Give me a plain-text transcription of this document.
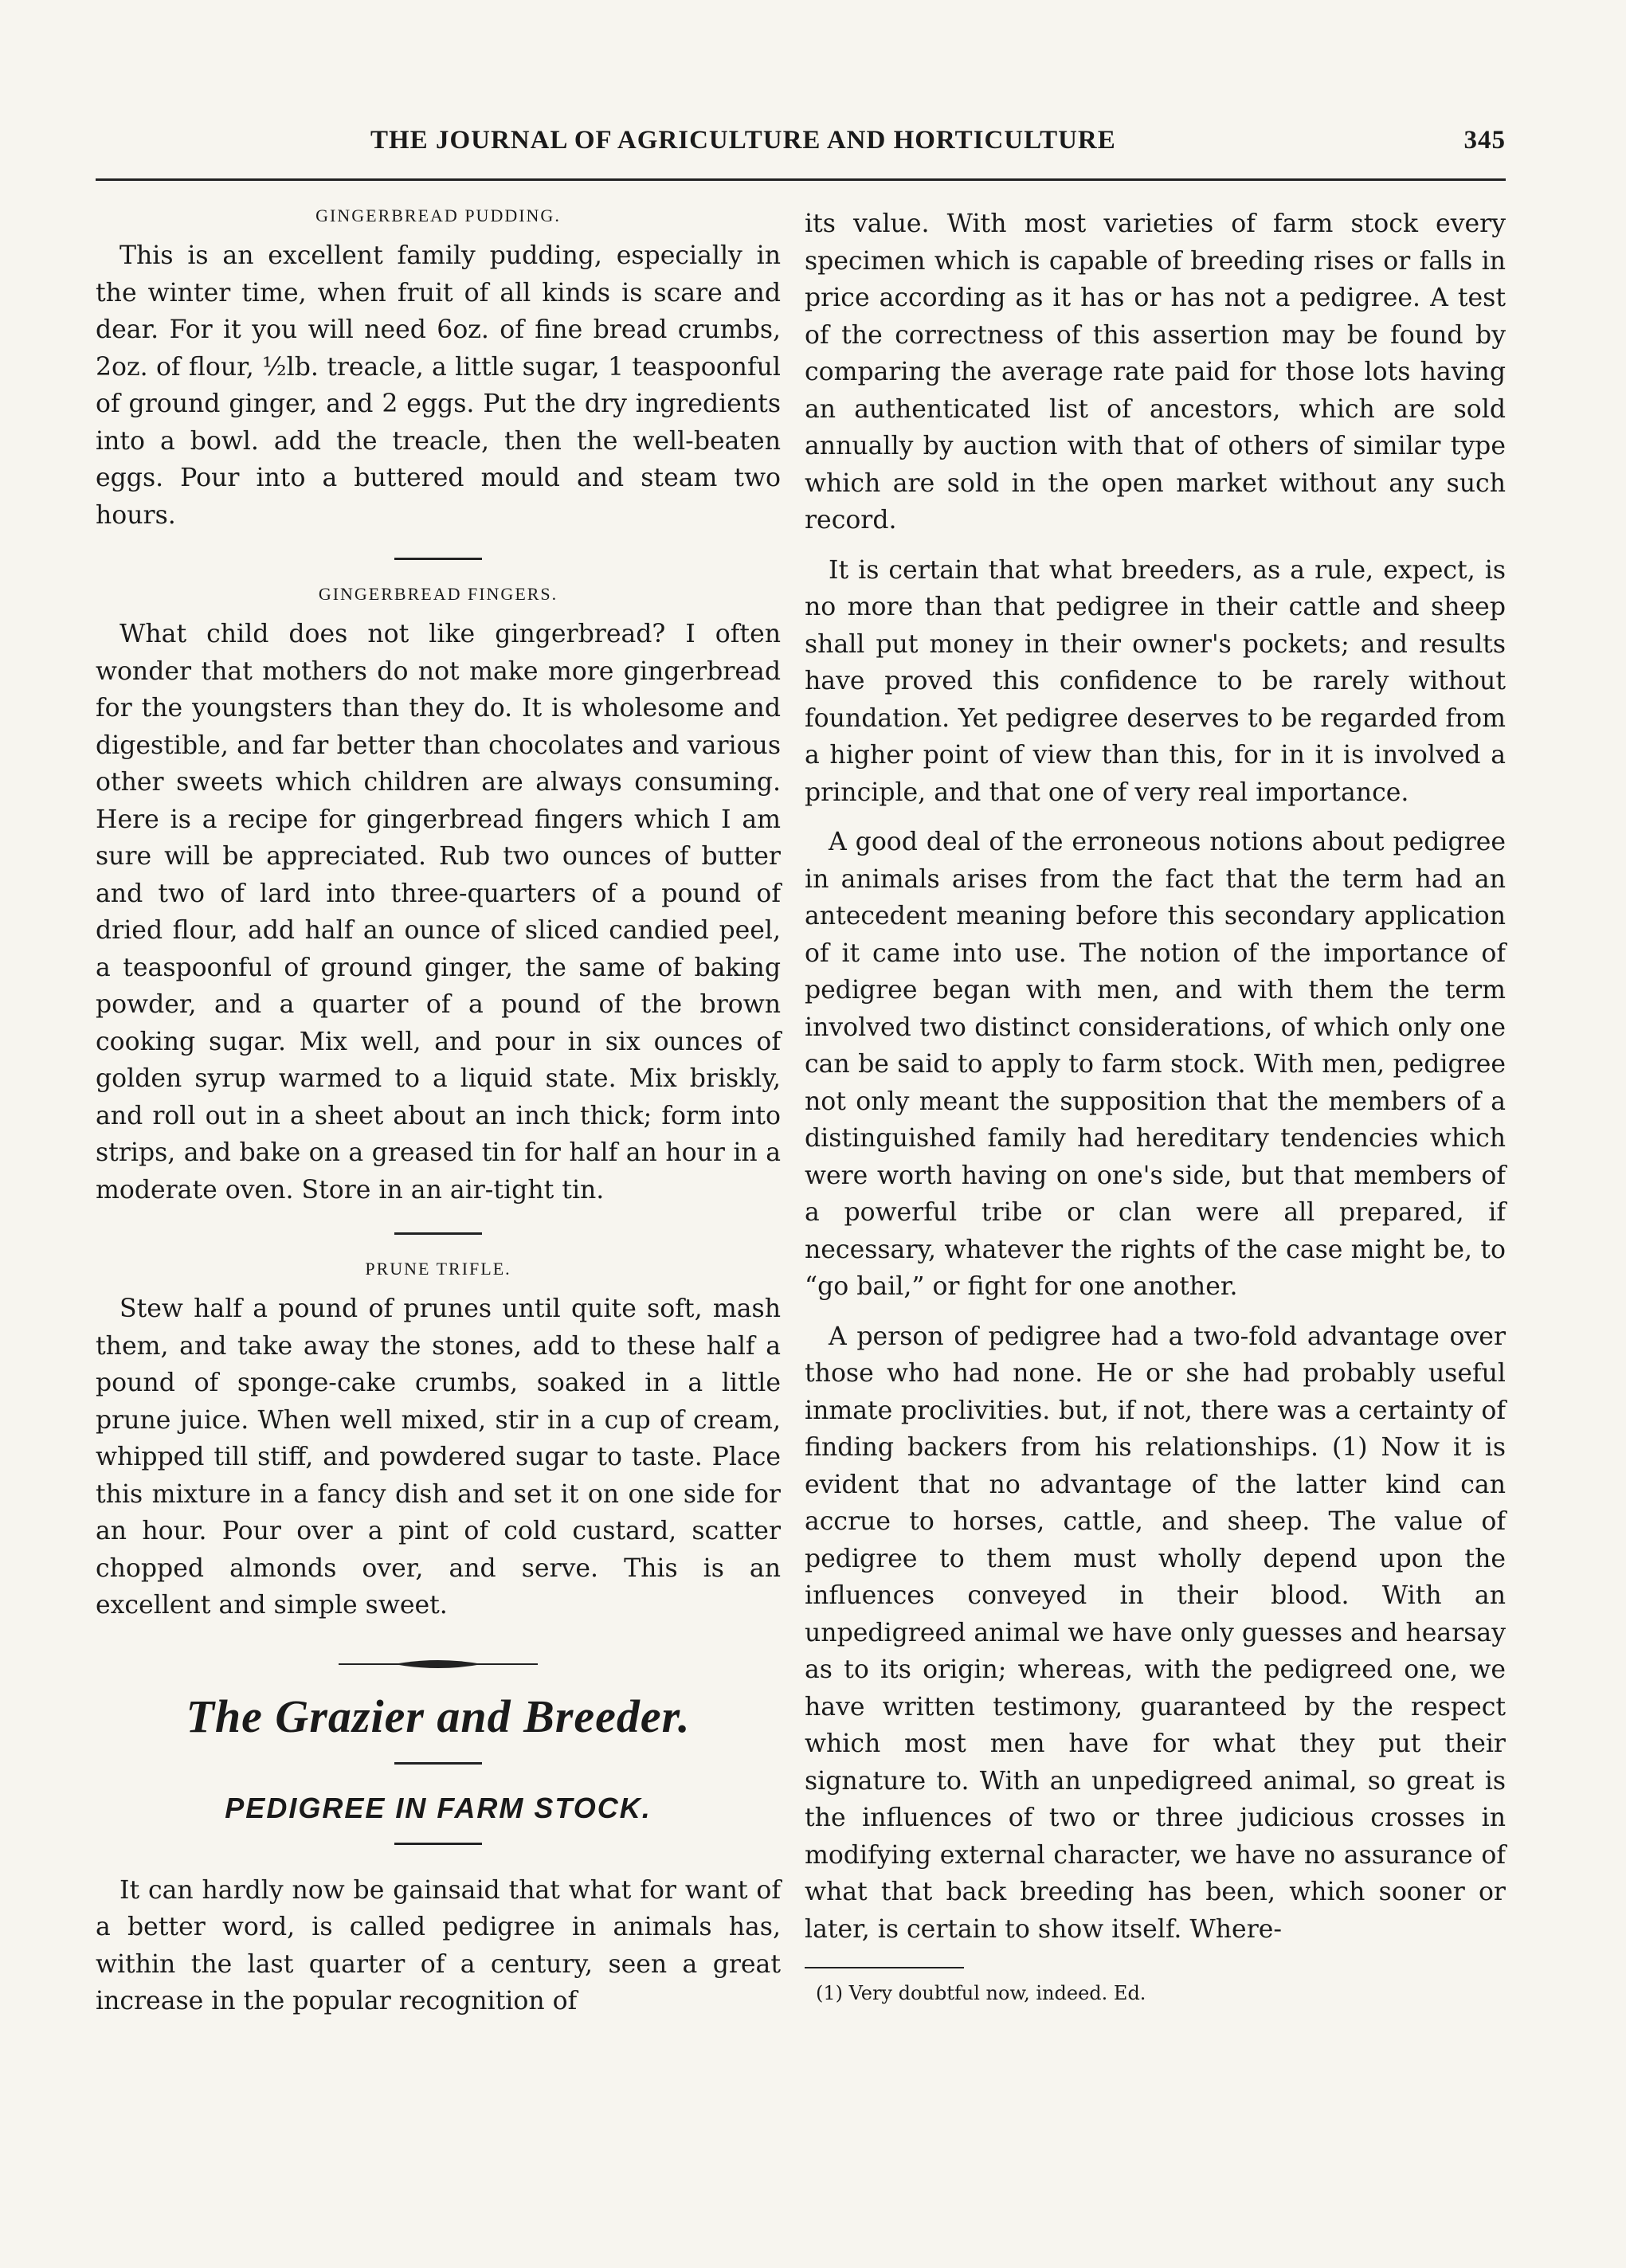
THE JOURNAL OF AGRICULTURE AND HORTICULTURE	345
GINGERBREAD PUDDING.

This is an excellent family pudding, especially in the winter time, when fruit of all kinds is scare and dear. For it you will need 6oz. of fine bread crumbs, 2oz. of flour, ½lb. treacle, a little sugar, 1 teaspoonful of ground ginger, and 2 eggs. Put the dry ingredients into a bowl. add the treacle, then the well-beaten eggs. Pour into a buttered mould and steam two hours.

GINGERBREAD FINGERS.

What child does not like gingerbread? I often wonder that mothers do not make more gingerbread for the youngsters than they do. It is wholesome and digestible, and far better than chocolates and various other sweets which children are always consuming. Here is a recipe for gingerbread fingers which I am sure will be appreciated. Rub two ounces of butter and two of lard into three-quarters of a pound of dried flour, add half an ounce of sliced candied peel, a teaspoonful of ground ginger, the same of baking powder, and a quarter of a pound of the brown cooking sugar. Mix well, and pour in six ounces of golden syrup warmed to a liquid state. Mix briskly, and roll out in a sheet about an inch thick; form into strips, and bake on a greased tin for half an hour in a moderate oven. Store in an air-tight tin.

PRUNE TRIFLE.

Stew half a pound of prunes until quite soft, mash them, and take away the stones, add to these half a pound of sponge-cake crumbs, soaked in a little prune juice. When well mixed, stir in a cup of cream, whipped till stiff, and powdered sugar to taste. Place this mixture in a fancy dish and set it on one side for an hour. Pour over a pint of cold custard, scatter chopped almonds over, and serve. This is an excellent and simple sweet.

The Grazier and Breeder.
PEDIGREE IN FARM STOCK.

It can hardly now be gainsaid that what for want of a better word, is called pedigree in animals has, within the last quarter of a century, seen a great increase in the popular recognition of

its value. With most varieties of farm stock every specimen which is capable of breeding rises or falls in price according as it has or has not a pedigree. A test of the correctness of this assertion may be found by comparing the average rate paid for those lots having an authenticated list of ancestors, which are sold annually by auction with that of others of similar type which are sold in the open market without any such record.

It is certain that what breeders, as a rule, expect, is no more than that pedigree in their cattle and sheep shall put money in their owner's pockets; and results have proved this confidence to be rarely without foundation. Yet pedigree deserves to be regarded from a higher point of view than this, for in it is involved a principle, and that one of very real importance.

A good deal of the erroneous notions about pedigree in animals arises from the fact that the term had an antecedent meaning before this secondary application of it came into use. The notion of the importance of pedigree began with men, and with them the term involved two distinct considerations, of which only one can be said to apply to farm stock. With men, pedigree not only meant the supposition that the members of a distinguished family had hereditary tendencies which were worth having on one's side, but that members of a powerful tribe or clan were all prepared, if necessary, whatever the rights of the case might be, to “go bail,” or fight for one another.

A person of pedigree had a two-fold advantage over those who had none. He or she had probably useful inmate proclivities. but, if not, there was a certainty of finding backers from his relationships. (1) Now it is evident that no advantage of the latter kind can accrue to horses, cattle, and sheep. The value of pedigree to them must wholly depend upon the influences conveyed in their blood. With an unpedigreed animal we have only guesses and hearsay as to its origin; whereas, with the pedigreed one, we have written testimony, guaranteed by the respect which most men have for what they put their signature to. With an unpedigreed animal, so great is the influences of two or three judicious crosses in modifying external character, we have no assurance of what that back breeding has been, which sooner or later, is certain to show itself. Where-

(1) Very doubtful now, indeed. Ed.
